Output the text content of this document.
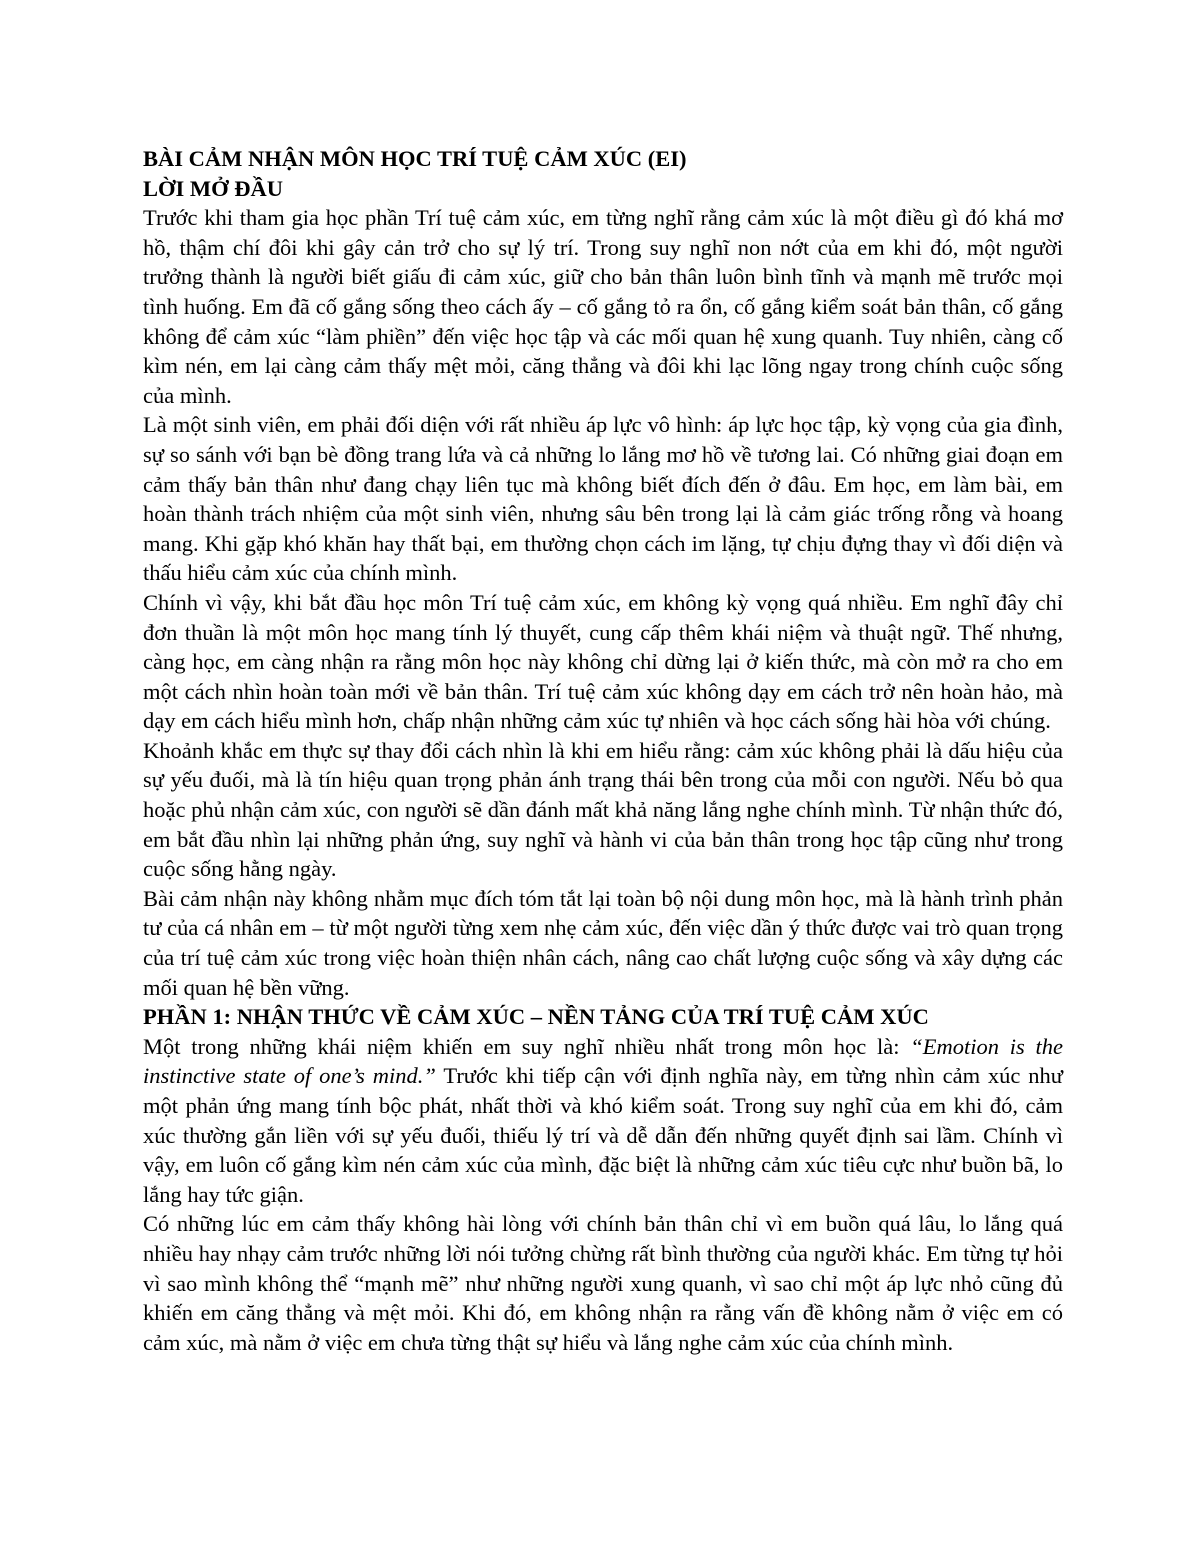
BÀI CẢM NHẬN MÔN HỌC TRÍ TUỆ CẢM XÚC (EI)

LỜI MỞ ĐẦU

Trước khi tham gia học phần Trí tuệ cảm xúc, em từng nghĩ rằng cảm xúc là một điều gì đó khá mơ hồ, thậm chí đôi khi gây cản trở cho sự lý trí. Trong suy nghĩ non nớt của em khi đó, một người trưởng thành là người biết giấu đi cảm xúc, giữ cho bản thân luôn bình tĩnh và mạnh mẽ trước mọi tình huống. Em đã cố gắng sống theo cách ấy – cố gắng tỏ ra ổn, cố gắng kiểm soát bản thân, cố gắng không để cảm xúc “làm phiền” đến việc học tập và các mối quan hệ xung quanh. Tuy nhiên, càng cố kìm nén, em lại càng cảm thấy mệt mỏi, căng thẳng và đôi khi lạc lõng ngay trong chính cuộc sống của mình.

Là một sinh viên, em phải đối diện với rất nhiều áp lực vô hình: áp lực học tập, kỳ vọng của gia đình, sự so sánh với bạn bè đồng trang lứa và cả những lo lắng mơ hồ về tương lai. Có những giai đoạn em cảm thấy bản thân như đang chạy liên tục mà không biết đích đến ở đâu. Em học, em làm bài, em hoàn thành trách nhiệm của một sinh viên, nhưng sâu bên trong lại là cảm giác trống rỗng và hoang mang. Khi gặp khó khăn hay thất bại, em thường chọn cách im lặng, tự chịu đựng thay vì đối diện và thấu hiểu cảm xúc của chính mình.

Chính vì vậy, khi bắt đầu học môn Trí tuệ cảm xúc, em không kỳ vọng quá nhiều. Em nghĩ đây chỉ đơn thuần là một môn học mang tính lý thuyết, cung cấp thêm khái niệm và thuật ngữ. Thế nhưng, càng học, em càng nhận ra rằng môn học này không chỉ dừng lại ở kiến thức, mà còn mở ra cho em một cách nhìn hoàn toàn mới về bản thân. Trí tuệ cảm xúc không dạy em cách trở nên hoàn hảo, mà dạy em cách hiểu mình hơn, chấp nhận những cảm xúc tự nhiên và học cách sống hài hòa với chúng.

Khoảnh khắc em thực sự thay đổi cách nhìn là khi em hiểu rằng: cảm xúc không phải là dấu hiệu của sự yếu đuối, mà là tín hiệu quan trọng phản ánh trạng thái bên trong của mỗi con người. Nếu bỏ qua hoặc phủ nhận cảm xúc, con người sẽ dần đánh mất khả năng lắng nghe chính mình. Từ nhận thức đó, em bắt đầu nhìn lại những phản ứng, suy nghĩ và hành vi của bản thân trong học tập cũng như trong cuộc sống hằng ngày.

Bài cảm nhận này không nhằm mục đích tóm tắt lại toàn bộ nội dung môn học, mà là hành trình phản tư của cá nhân em – từ một người từng xem nhẹ cảm xúc, đến việc dần ý thức được vai trò quan trọng của trí tuệ cảm xúc trong việc hoàn thiện nhân cách, nâng cao chất lượng cuộc sống và xây dựng các mối quan hệ bền vững.

PHẦN 1: NHẬN THỨC VỀ CẢM XÚC – NỀN TẢNG CỦA TRÍ TUỆ CẢM XÚC

Một trong những khái niệm khiến em suy nghĩ nhiều nhất trong môn học là: “Emotion is the instinctive state of one’s mind.” Trước khi tiếp cận với định nghĩa này, em từng nhìn cảm xúc như một phản ứng mang tính bộc phát, nhất thời và khó kiểm soát. Trong suy nghĩ của em khi đó, cảm xúc thường gắn liền với sự yếu đuối, thiếu lý trí và dễ dẫn đến những quyết định sai lầm. Chính vì vậy, em luôn cố gắng kìm nén cảm xúc của mình, đặc biệt là những cảm xúc tiêu cực như buồn bã, lo lắng hay tức giận.

Có những lúc em cảm thấy không hài lòng với chính bản thân chỉ vì em buồn quá lâu, lo lắng quá nhiều hay nhạy cảm trước những lời nói tưởng chừng rất bình thường của người khác. Em từng tự hỏi vì sao mình không thể “mạnh mẽ” như những người xung quanh, vì sao chỉ một áp lực nhỏ cũng đủ khiến em căng thẳng và mệt mỏi. Khi đó, em không nhận ra rằng vấn đề không nằm ở việc em có cảm xúc, mà nằm ở việc em chưa từng thật sự hiểu và lắng nghe cảm xúc của chính mình.
